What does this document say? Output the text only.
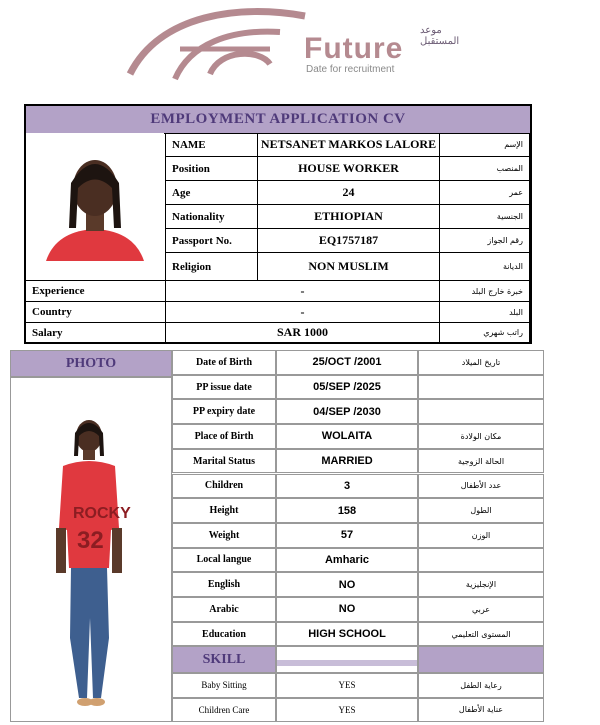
موعد المستقبل
Future
Date for recruitment
EMPLOYMENT APPLICATION CV
NAME	NETSANET MARKOS LALORE	الإسم
Position	HOUSE WORKER	المنصب
Age	24	عمر
Nationality	ETHIOPIAN	الجنسية
Passport No.	EQ1757187	رقم الجواز
Religion	NON MUSLIM	الديانة
Experience	-	خبرة خارج البلد
Country	-	البلد
Salary	SAR 1000	راتب شهري
PHOTO
ROCKY
32
Date of Birth	25/OCT /2001	تاريخ الميلاد
PP issue date	05/SEP /2025
PP expiry date	04/SEP /2030
Place of Birth	WOLAITA	مكان الولادة
Marital Status	MARRIED	الحالة الزوجية
Children	3	عدد الأطفال
Height	158	الطول
Weight	57	الوزن
Local langue	Amharic
English	NO	الإنجليزية
Arabic	NO	عربي
Education	HIGH SCHOOL	المستوى التعليمي
SKILL
Baby Sitting	YES	رعاية الطفل
Children Care	YES	عناية الأطفال
